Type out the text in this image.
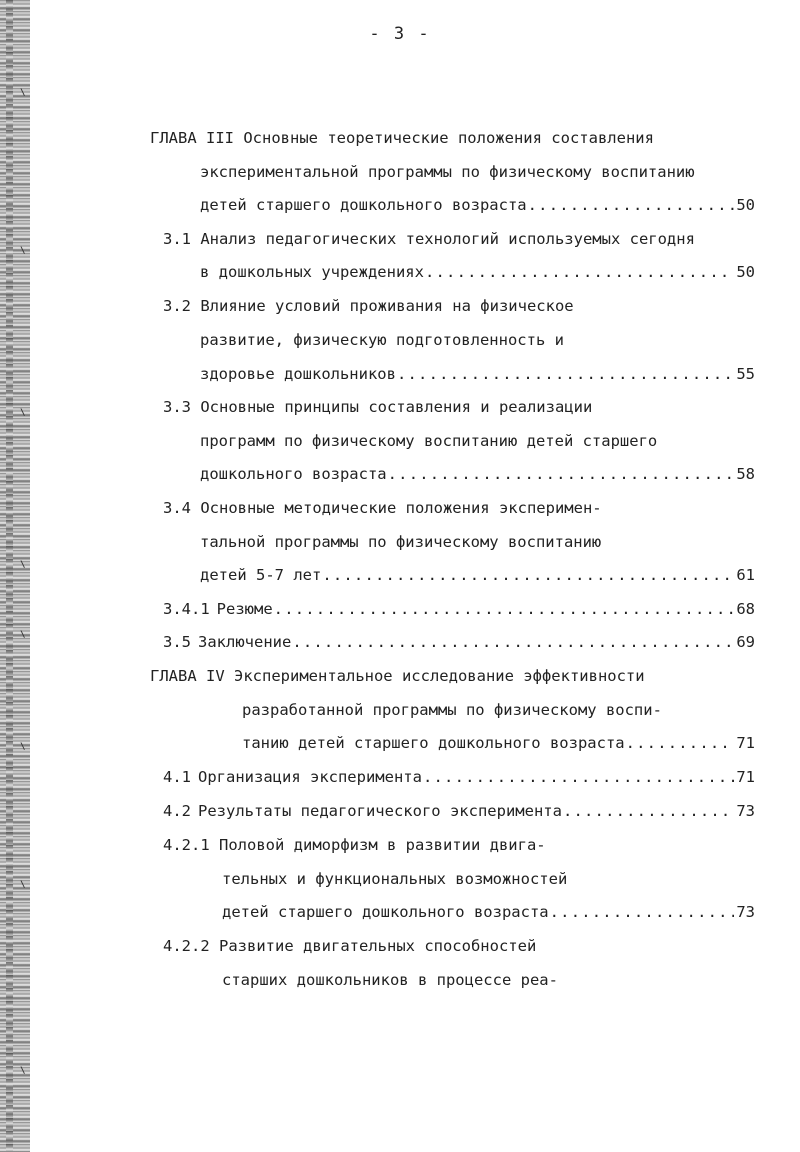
\
\
\
\
\
\
\
\
- 3 -
ГЛАВА III Основные теоретические положения составления
экспериментальной программы по физическому воспитанию
детей старшего дошкольного возраста .....	50
3.1 Анализ педагогических технологий используемых сегодня
в дошкольных учреждениях .....	50
3.2 Влияние условий проживания на физическое
развитие, физическую подготовленность и
здоровье дошкольников .....	55
3.3 Основные принципы составления и реализации
программ по физическому воспитанию детей старшего
дошкольного возраста .....	58
3.4 Основные методические положения эксперимен-
тальной программы по физическому воспитанию
детей 5-7 лет .....	61
3.4.1 Резюме .....	68
3.5 Заключение .....	69
ГЛАВА IV Экспериментальное исследование эффективности
разработанной программы по физическому воспи-
танию детей старшего дошкольного возраста .....	71
4.1 Организация эксперимента .....	71
4.2 Результаты педагогического эксперимента .....	73
4.2.1 Половой диморфизм в развитии двига-
тельных и функциональных возможностей
детей старшего дошкольного возраста .....	73
4.2.2 Развитие двигательных способностей
старших дошкольников в процессе реа-
